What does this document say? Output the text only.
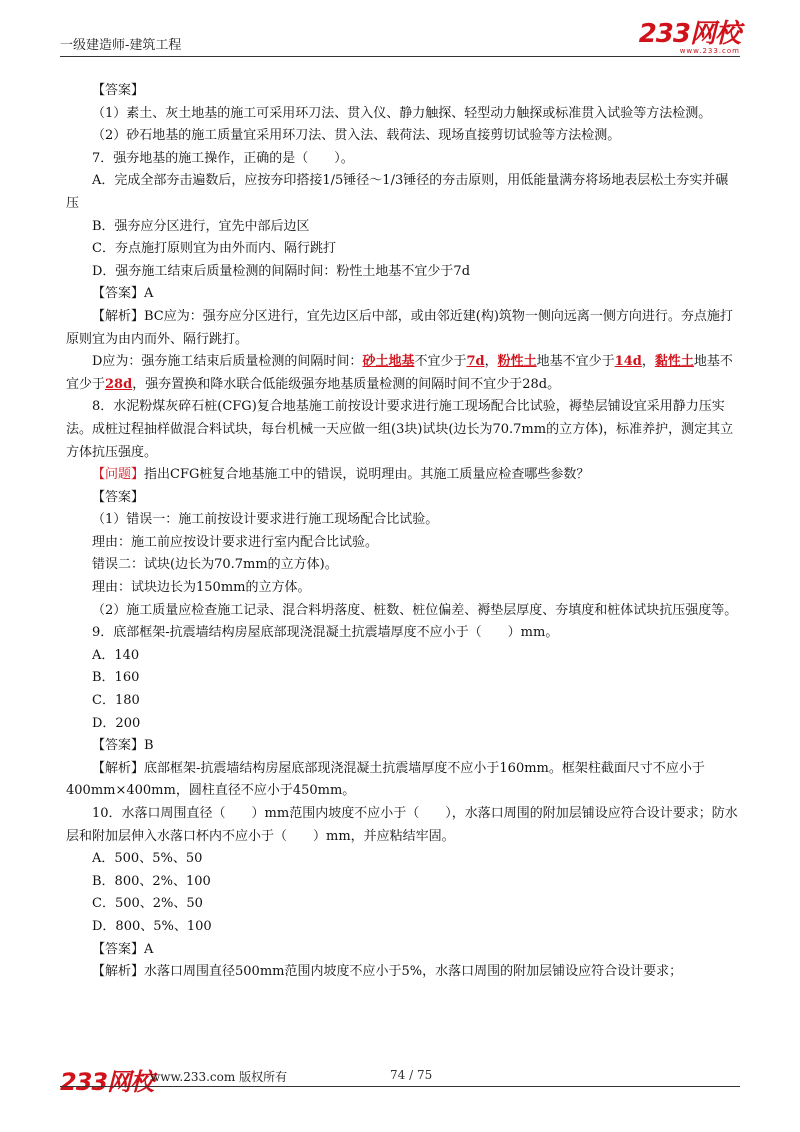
一级建造师-建筑工程	233网校
www.233.com

【答案】

（1）素土、灰土地基的施工可采用环刀法、贯入仪、静力触探、轻型动力触探或标准贯入试验等方法检测。

（2）砂石地基的施工质量宜采用环刀法、贯入法、载荷法、现场直接剪切试验等方法检测。

7．强夯地基的施工操作，正确的是（　　）。

A．完成全部夯击遍数后，应按夯印搭接1/5锤径～1/3锤径的夯击原则，用低能量满夯将场地表层松土夯实并碾压

B．强夯应分区进行，宜先中部后边区

C．夯点施打原则宜为由外而内、隔行跳打

D．强夯施工结束后质量检测的间隔时间：粉性土地基不宜少于7d

【答案】A

【解析】BC应为：强夯应分区进行，宜先边区后中部，或由邻近建(构)筑物一侧向远离一侧方向进行。夯点施打原则宜为由内而外、隔行跳打。

D应为：强夯施工结束后质量检测的间隔时间：砂土地基不宜少于7d，粉性土地基不宜少于14d，黏性土地基不宜少于28d，强夯置换和降水联合低能级强夯地基质量检测的间隔时间不宜少于28d。

8．水泥粉煤灰碎石桩(CFG)复合地基施工前按设计要求进行施工现场配合比试验，褥垫层铺设宜采用静力压实法。成桩过程抽样做混合料试块，每台机械一天应做一组(3块)试块(边长为70.7mm的立方体)，标准养护，测定其立方体抗压强度。

【问题】指出CFG桩复合地基施工中的错误，说明理由。其施工质量应检查哪些参数？

【答案】

（1）错误一：施工前按设计要求进行施工现场配合比试验。

理由：施工前应按设计要求进行室内配合比试验。

错误二：试块(边长为70.7mm的立方体)。

理由：试块边长为150mm的立方体。

（2）施工质量应检查施工记录、混合料坍落度、桩数、桩位偏差、褥垫层厚度、夯填度和桩体试块抗压强度等。

9．底部框架-抗震墙结构房屋底部现浇混凝土抗震墙厚度不应小于（　　）mm。

A．140

B．160

C．180

D．200

【答案】B

【解析】底部框架-抗震墙结构房屋底部现浇混凝土抗震墙厚度不应小于160mm。框架柱截面尺寸不应小于400mm×400mm，圆柱直径不应小于450mm。

10．水落口周围直径（　　）mm范围内坡度不应小于（　　），水落口周围的附加层铺设应符合设计要求；防水层和附加层伸入水落口杯内不应小于（　　）mm，并应粘结牢固。

A．500、5%、50

B．800、2%、100

C．500、2%、50

D．800、5%、100

【答案】A

【解析】水落口周围直径500mm范围内坡度不应小于5%，水落口周围的附加层铺设应符合设计要求；

233网校
www.233.com 版权所有	74 / 75
